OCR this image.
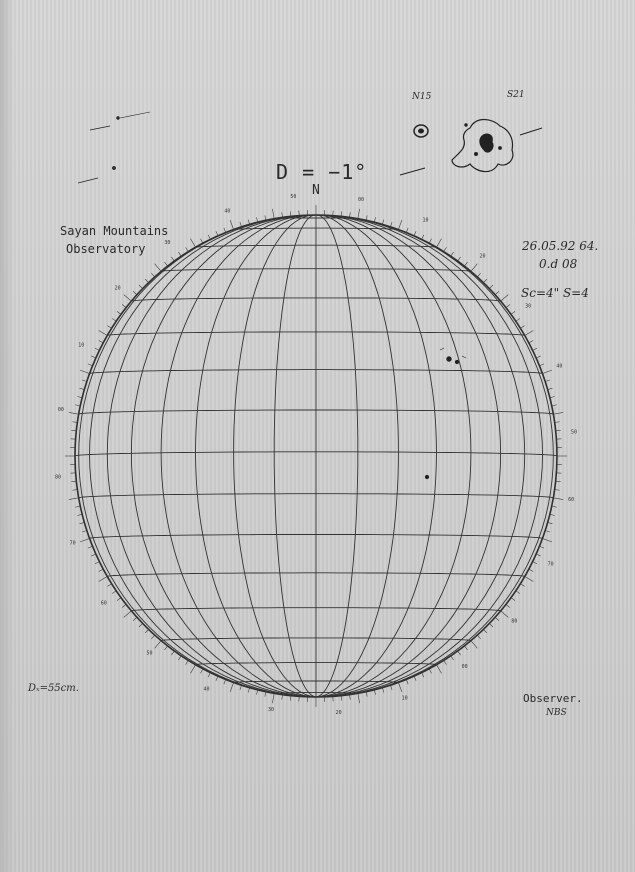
00
10
20
30
40
50
60
70
80
00
10
20
30
40
50
60
70
80
00
10
20
30
40
50
D = −1°
N
Sayan Mountains
Observatory	26.05.92 64.
0.d 08
Sc=4" S=4
N15	S21
Dₓ=55cm.
Observer.
NBS
